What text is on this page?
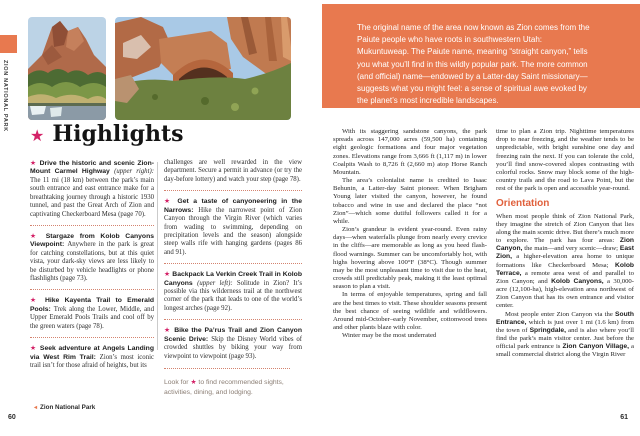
ZION NATIONAL PARK
★ Highlights

★ Drive the historic and scenic Zion-Mount Carmel Highway (upper right): The 11 mi (18 km) between the park’s main south entrance and east entrance make for a breathtaking journey through a historic 1930 tunnel, and past the Great Arch of Zion and captivating Checkerboard Mesa (page 70).

★ Stargaze from Kolob Canyons Viewpoint: Anywhere in the park is great for catching constellations, but at this quiet vista, your dark-sky views are less likely to be disturbed by vehicle headlights or phone flashlights (page 73).

★ Hike Kayenta Trail to Emerald Pools: Trek along the Lower, Middle, and Upper Emerald Pools Trails and cool off by the green waters (page 78).

★ Seek adventure at Angels Landing via West Rim Trail: Zion’s most iconic trail isn’t for those afraid of heights, but its

challenges are well rewarded in the view department. Secure a permit in advance (or try the day-before lottery) and watch your step (page 78).

★ Get a taste of canyoneering in the Narrows: Hike the narrowest point of Zion Canyon through the Virgin River (which varies from wading to swimming, depending on precipitation levels and the season) alongside steep walls rife with hanging gardens (pages 86 and 91).

★ Backpack La Verkin Creek Trail in Kolob Canyons (upper left): Solitude in Zion? It’s possible via this wilderness trail at the northwest corner of the park that leads to one of the world’s longest arches (page 92).

★ Bike the Pa’rus Trail and Zion Canyon Scenic Drive: Skip the Disney World vibes of crowded shuttles by biking your way from viewpoint to viewpoint (page 93).

Look for ★ to find recommended sights, activities, dining, and lodging.

The original name of the area now known as Zion comes from the Paiute people who have roots in southwestern Utah: Mukuntuweap. The Paiute name, meaning “straight canyon,” tells you what you’ll find in this wildly popular park. The more common (and official) name—endowed by a Latter-day Saint missionary—suggests what you might feel: a sense of spiritual awe evoked by the planet’s most incredible landscapes.

With its staggering sandstone canyons, the park spreads across 147,000 acres (59,500 ha) containing eight geologic formations and four major vegetation zones. Elevations range from 3,666 ft (1,117 m) in lower Coalpits Wash to 8,726 ft (2,660 m) atop Horse Ranch Mountain.

The area’s colonialist name is credited to Isaac Behunin, a Latter-day Saint pioneer. When Brigham Young later visited the canyon, however, he found tobacco and wine in use and declared the place “not Zion”—which some dutiful followers called it for a while.

Zion’s grandeur is evident year-round. Even rainy days—when waterfalls plunge from nearly every crevice in the cliffs—are memorable as long as you heed flash-flood warnings. Summer can be uncomfortably hot, with highs hovering above 100°F (38°C). Though summer may be the most unpleasant time to visit due to the heat, crowds still predictably peak, making it the least optimal season to plan a visit.

In terms of enjoyable temperatures, spring and fall are the best times to visit. These shoulder seasons present the best chance of seeing wildlife and wildflowers. Around mid-October–early November, cottonwood trees and other plants blaze with color.

Winter may be the most underrated

time to plan a Zion trip. Nighttime temperatures drop to near freezing, and the weather tends to be unpredictable, with bright sunshine one day and freezing rain the next. If you can tolerate the cold, you’ll find snow-covered slopes contrasting with colorful rocks. Snow may block some of the high-country trails and the road to Lava Point, but the rest of the park is open and accessible year-round.

Orientation

When most people think of Zion National Park, they imagine the stretch of Zion Canyon that lies along the main scenic drive. But there’s much more to explore. The park has four areas: Zion Canyon, the main—and very scenic—draw; East Zion, a higher-elevation area home to unique formations like Checkerboard Mesa; Kolob Terrace, a remote area west of and parallel to Zion Canyon; and Kolob Canyons, a 30,000-acre (12,100-ha), high-elevation area northwest of Zion Canyon that has its own entrance and visitor center.

Most people enter Zion Canyon via the South Entrance, which is just over 1 mi (1.6 km) from the town of Springdale, and is also where you’ll find the park’s main visitor center. Just before the official park entrance is Zion Canyon Village, a small commercial district along the Virgin River

◂ Zion National Park
60	61
